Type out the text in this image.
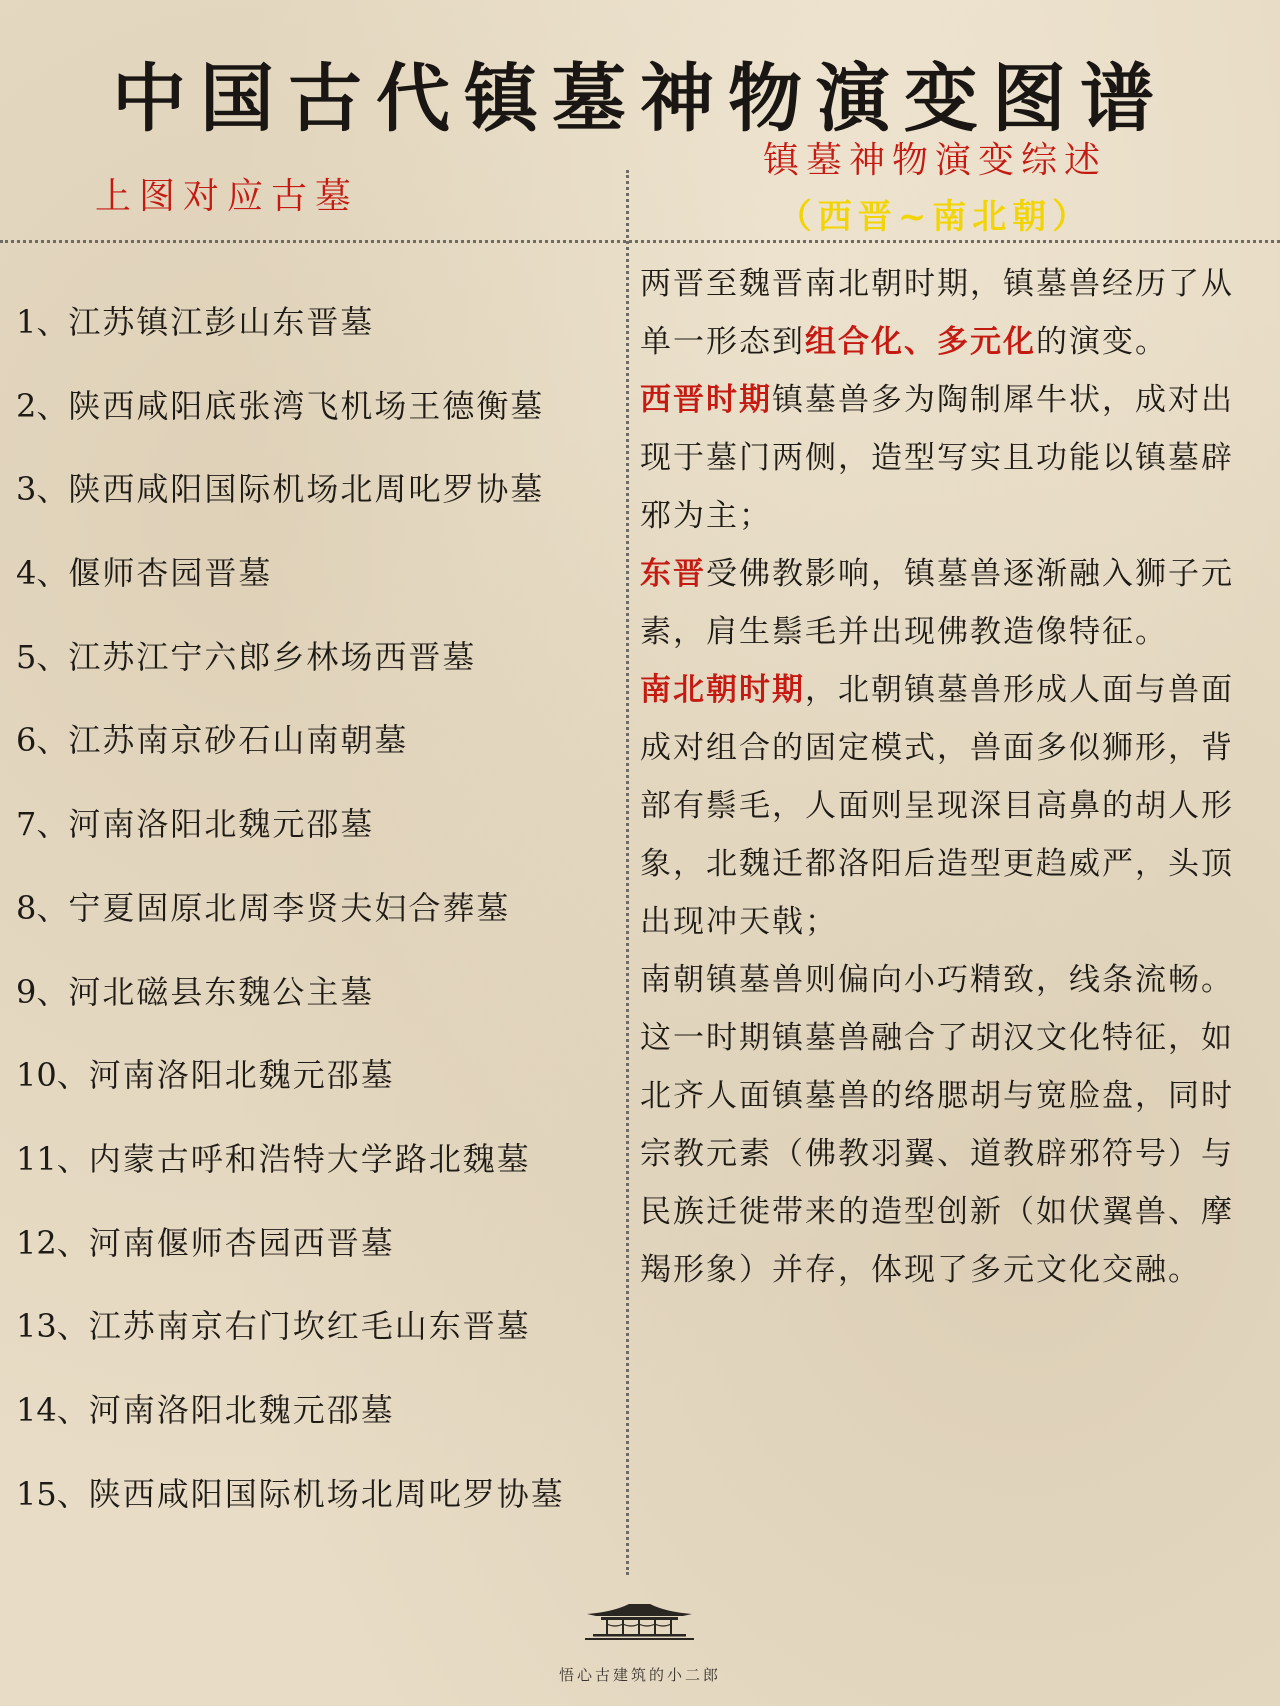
中国古代镇墓神物演变图谱
上图对应古墓
镇墓神物演变综述
（西晋~南北朝）
1、江苏镇江彭山东晋墓
2、陕西咸阳底张湾飞机场王德衡墓
3、陕西咸阳国际机场北周叱罗协墓
4、偃师杏园晋墓
5、江苏江宁六郎乡林场西晋墓
6、江苏南京砂石山南朝墓
7、河南洛阳北魏元邵墓
8、宁夏固原北周李贤夫妇合葬墓
9、河北磁县东魏公主墓
10、河南洛阳北魏元邵墓
11、内蒙古呼和浩特大学路北魏墓
12、河南偃师杏园西晋墓
13、江苏南京右门坎红毛山东晋墓
14、河南洛阳北魏元邵墓
15、陕西咸阳国际机场北周叱罗协墓

两晋至魏晋南北朝时期，镇墓兽经历了从单一形态到组合化、多元化的演变。

西晋时期镇墓兽多为陶制犀牛状，成对出现于墓门两侧，造型写实且功能以镇墓辟邪为主；

东晋受佛教影响，镇墓兽逐渐融入狮子元素，肩生鬃毛并出现佛教造像特征。

南北朝时期，北朝镇墓兽形成人面与兽面成对组合的固定模式，兽面多似狮形，背部有鬃毛，人面则呈现深目高鼻的胡人形象，北魏迁都洛阳后造型更趋威严，头顶出现冲天戟；

南朝镇墓兽则偏向小巧精致，线条流畅。

这一时期镇墓兽融合了胡汉文化特征，如北齐人面镇墓兽的络腮胡与宽脸盘，同时宗教元素（佛教羽翼、道教辟邪符号）与民族迁徙带来的造型创新（如伏翼兽、摩羯形象）并存，体现了多元文化交融。

悟心古建筑的小二郎
